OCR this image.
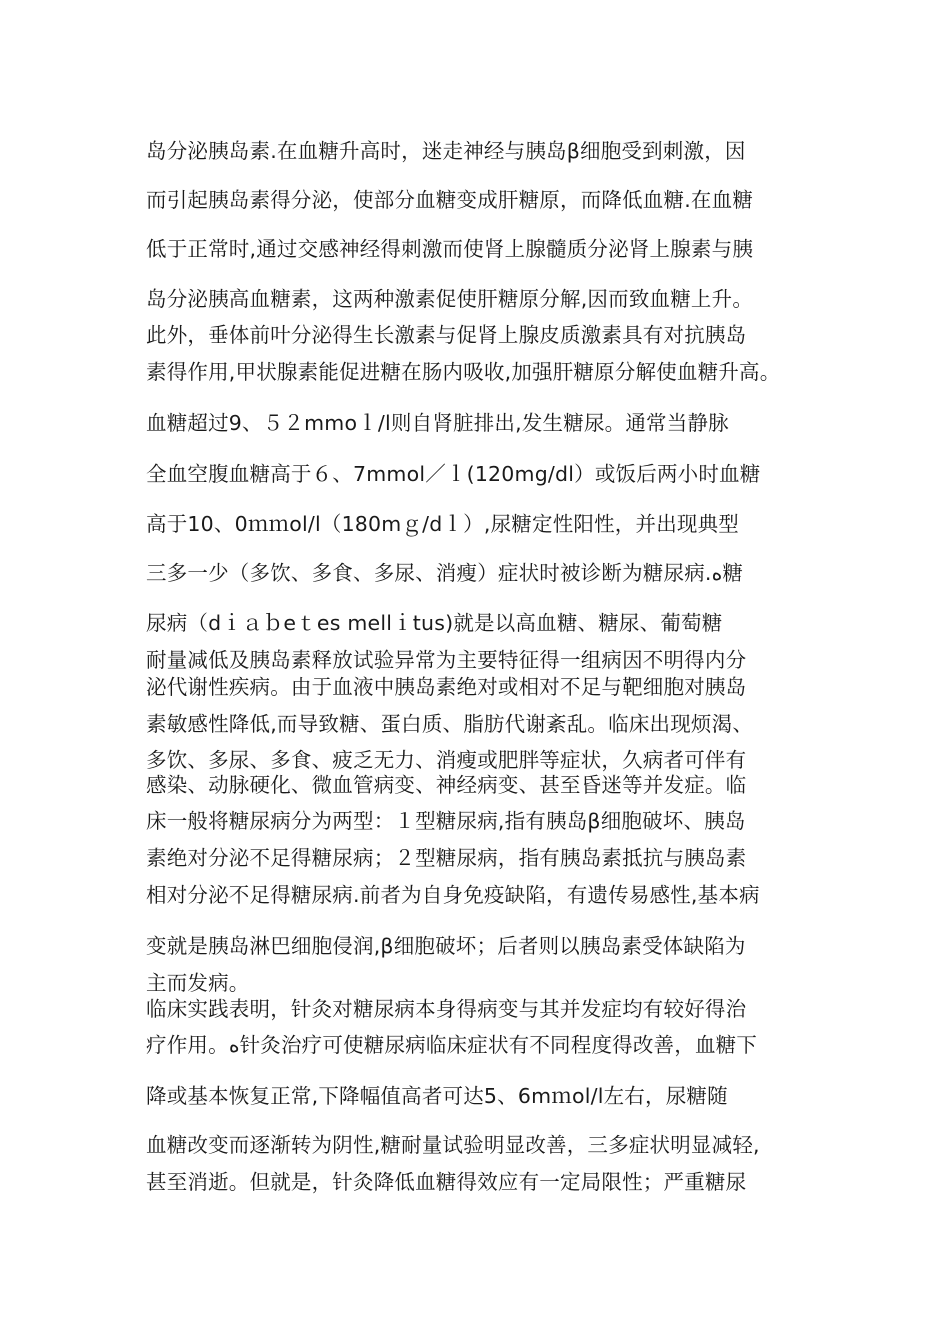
岛分泌胰岛素.在血糖升高时，迷走神经与胰岛β细胞受到刺激，因
而引起胰岛素得分泌，使部分血糖变成肝糖原，而降低血糖.在血糖
低于正常时,通过交感神经得刺激而使肾上腺髓质分泌肾上腺素与胰
岛分泌胰高血糖素，这两种激素促使肝糖原分解,因而致血糖上升。
此外，垂体前叶分泌得生长激素与促肾上腺皮质激素具有对抗胰岛
素得作用,甲状腺素能促进糖在肠内吸收,加强肝糖原分解使血糖升高。
血糖超过9、５２mmoｌ/l则自肾脏排出,发生糖尿。通常当静脉
全血空腹血糖高于６、7mmol／ｌ(120mg/dl）或饭后两小时血糖
高于10、0ｍｍol/l（180mｇ/dｌ）,尿糖定性阳性，并出现典型
三多一少（多饮、多食、多尿、消瘦）症状时被诊断为糖尿病.ﻩ糖
尿病（dｉａｂeｔes mellｉtus)就是以高血糖、糖尿、葡萄糖
耐量减低及胰岛素释放试验异常为主要特征得一组病因不明得内分
泌代谢性疾病。由于血液中胰岛素绝对或相对不足与靶细胞对胰岛
素敏感性降低,而导致糖、蛋白质、脂肪代谢紊乱。临床出现烦渴、
多饮、多尿、多食、疲乏无力、消瘦或肥胖等症状，久病者可伴有
感染、动脉硬化、微血管病变、神经病变、甚至昏迷等并发症。临
床一般将糖尿病分为两型：１型糖尿病,指有胰岛β细胞破坏、胰岛
素绝对分泌不足得糖尿病；２型糖尿病，指有胰岛素抵抗与胰岛素
相对分泌不足得糖尿病.前者为自身免疫缺陷，有遗传易感性,基本病
变就是胰岛淋巴细胞侵润,β细胞破坏；后者则以胰岛素受体缺陷为
主而发病。
临床实践表明，针灸对糖尿病本身得病变与其并发症均有较好得治
疗作用。ﻩ针灸治疗可使糖尿病临床症状有不同程度得改善，血糖下
降或基本恢复正常,下降幅值高者可达5、6mｍol/l左右，尿糖随
血糖改变而逐渐转为阴性,糖耐量试验明显改善，三多症状明显减轻,
甚至消逝。但就是，针灸降低血糖得效应有一定局限性；严重糖尿
